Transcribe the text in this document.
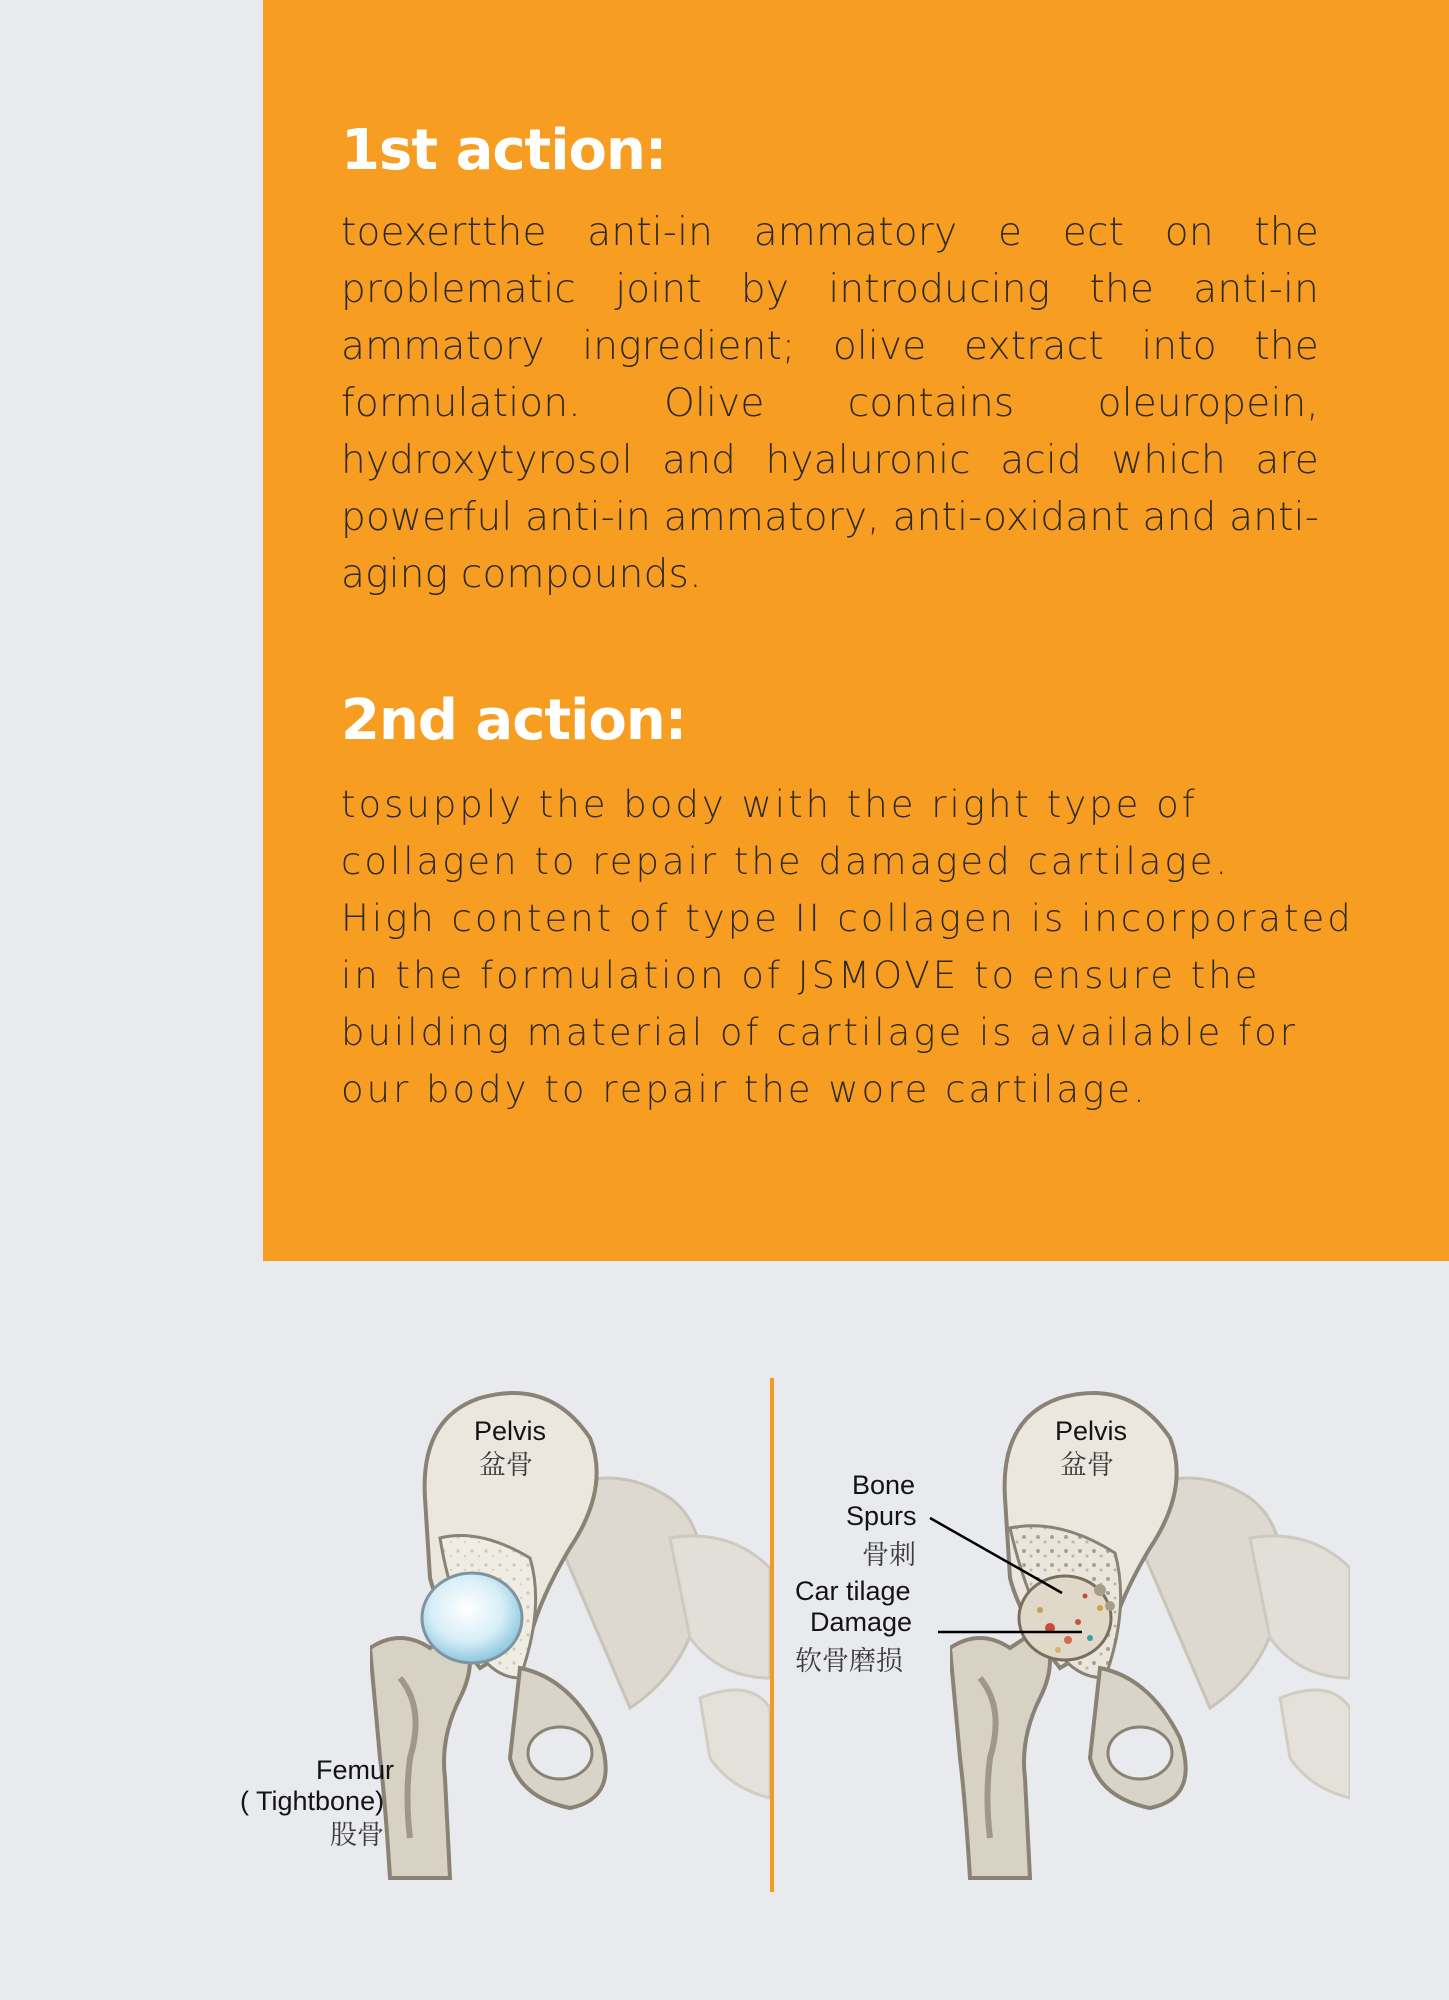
1st action:

toexertthe anti-in ammatory e ect on the problematic joint by introducing the anti-in ammatory ingredient; olive extract into the formulation. Olive contains oleuropein, hydroxytyrosol and hyaluronic acid which are powerful anti-in ammatory, anti-oxidant and anti-aging compounds.

2nd action:

tosupply the body with the right type of
collagen to repair the damaged cartilage.
High content of type II collagen is incorporated
in the formulation of JSMOVE to ensure the
building material of cartilage is available for
our body to repair the wore cartilage.

Pelvis
盆骨
Femur
( Tightbone)
股骨
Pelvis
盆骨
Bone
Spurs
骨刺
Car tilage
Damage
软骨磨损
